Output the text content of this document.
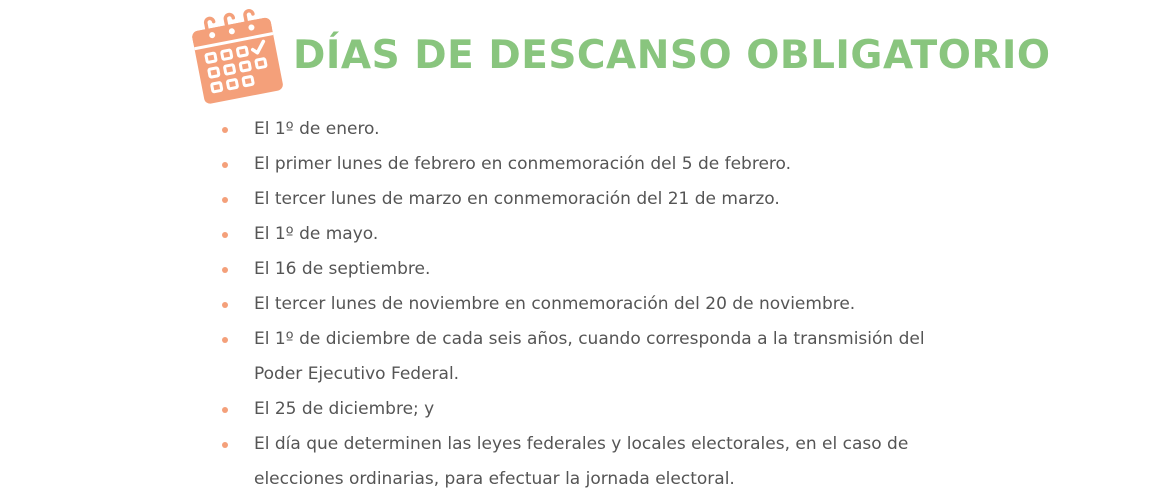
DÍAS DE DESCANSO OBLIGATORIO
El 1º de enero.
El primer lunes de febrero en conmemoración del 5 de febrero.
El tercer lunes de marzo en conmemoración del 21 de marzo.
El 1º de mayo.
El 16 de septiembre.
El tercer lunes de noviembre en conmemoración del 20 de noviembre.
El 1º de diciembre de cada seis años, cuando corresponda a la transmisión del Poder Ejecutivo Federal.
El 25 de diciembre; y
El día que determinen las leyes federales y locales electorales, en el caso de elecciones ordinarias, para efectuar la jornada electoral.
